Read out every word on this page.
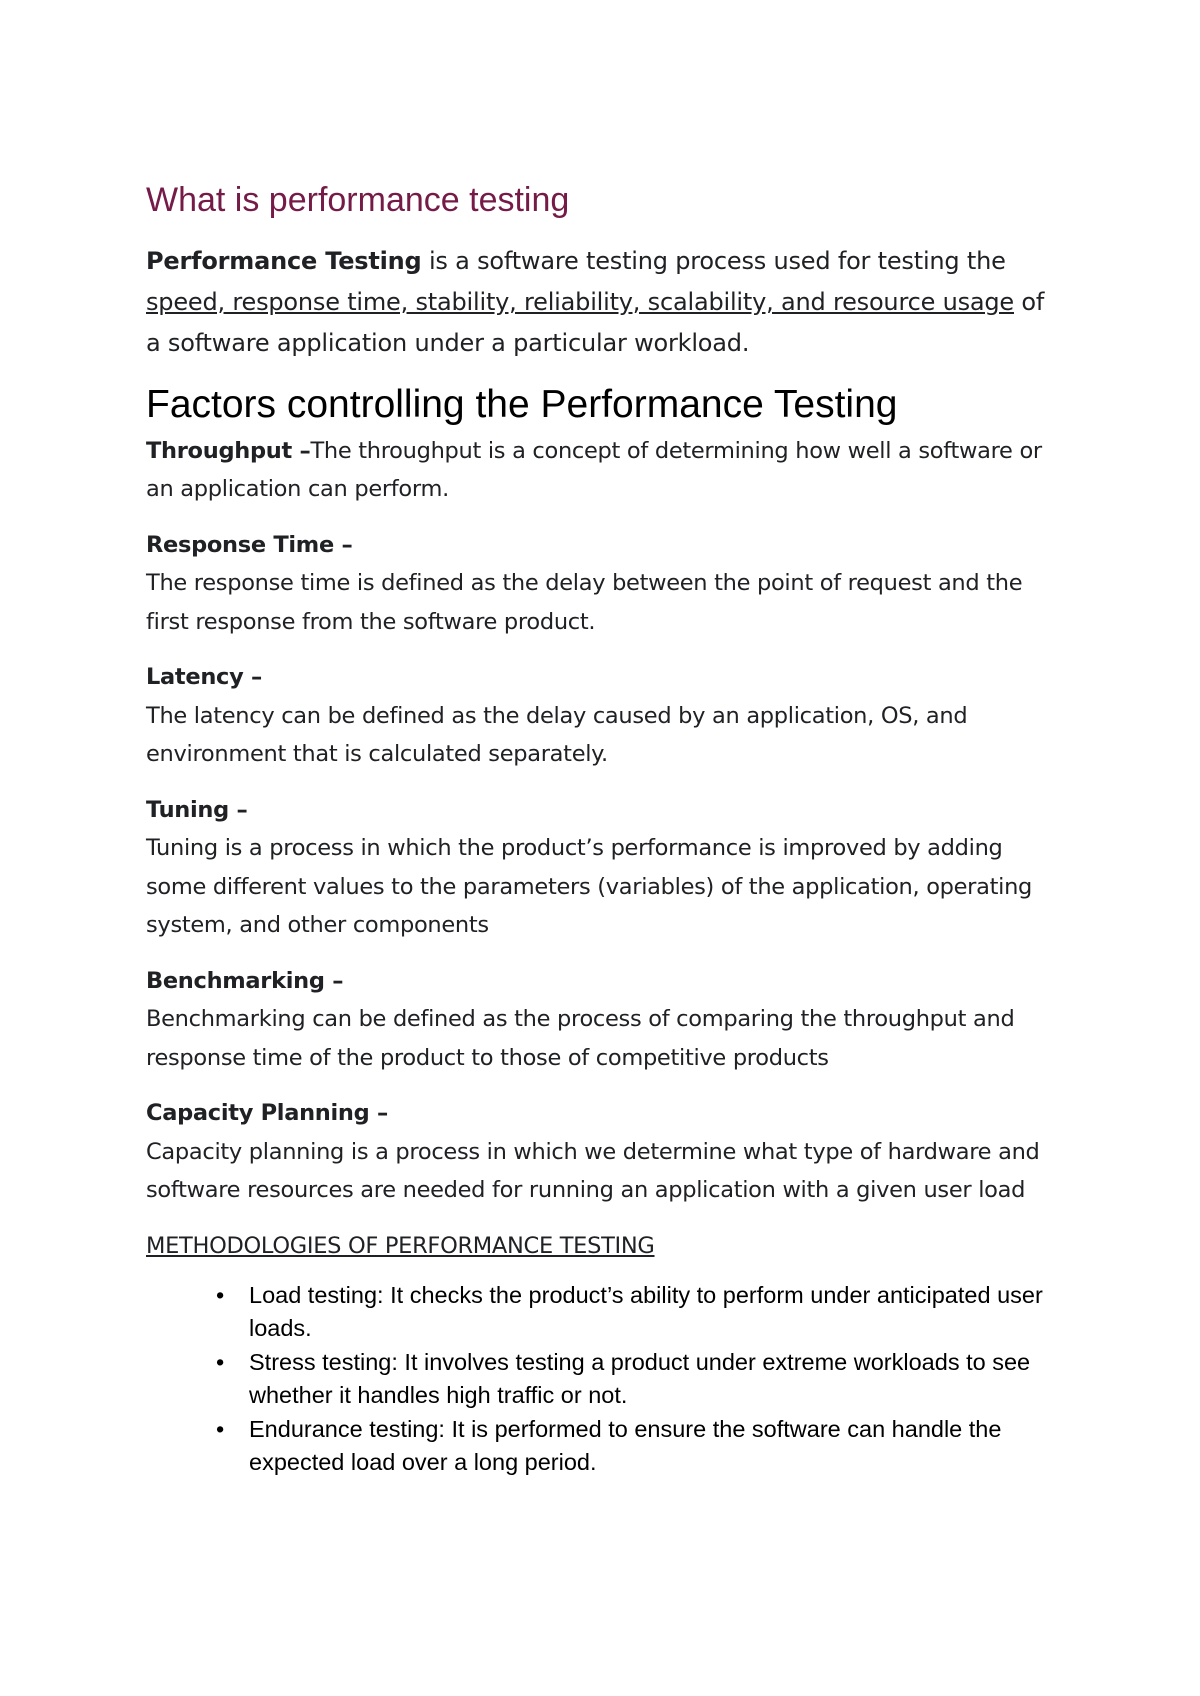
What is performance testing

Performance Testing is a software testing process used for testing the speed, response time, stability, reliability, scalability, and resource usage of a software application under a particular workload.

Factors controlling the Performance Testing

Throughput –The throughput is a concept of determining how well a software or an application can perform.

Response Time –
The response time is defined as the delay between the point of request and the first response from the software product.

Latency –
The latency can be defined as the delay caused by an application, OS, and environment that is calculated separately.

Tuning –
Tuning is a process in which the product’s performance is improved by adding some different values to the parameters (variables) of the application, operating system, and other components

Benchmarking –
Benchmarking can be defined as the process of comparing the throughput and response time of the product to those of competitive products

Capacity Planning –
Capacity planning is a process in which we determine what type of hardware and software resources are needed for running an application with a given user load

METHODOLOGIES OF PERFORMANCE TESTING

• Load testing: It checks the product’s ability to perform under anticipated user loads.
• Stress testing: It involves testing a product under extreme workloads to see whether it handles high traffic or not.
• Endurance testing: It is performed to ensure the software can handle the expected load over a long period.
